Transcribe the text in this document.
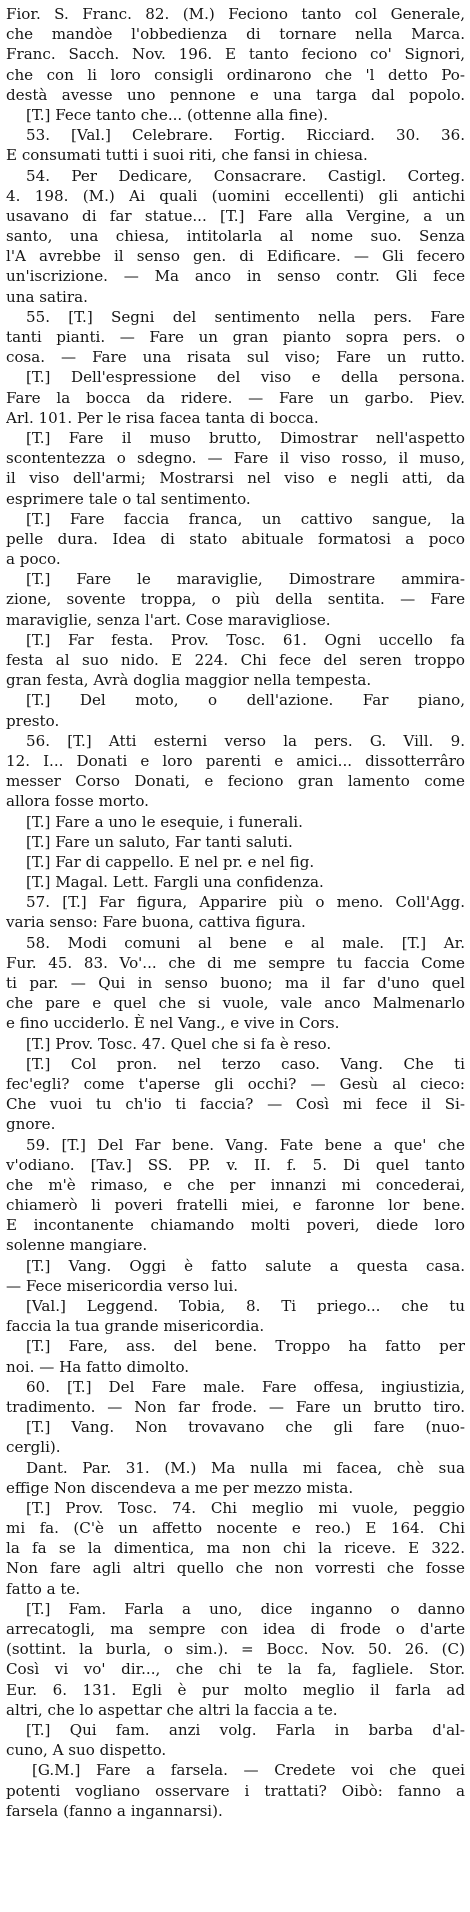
Fior. S. Franc. 82. (M.) Feciono tanto col Generale,
che mandòe l'obbedienza di tornare nella Marca.
Franc. Sacch. Nov. 196. E tanto feciono co' Signori,
che con li loro consigli ordinarono che 'l detto Po-
destà avesse uno pennone e una targa dal popolo.
[T.] Fece tanto che... (ottenne alla fine).
53. [Val.] Celebrare. Fortig. Ricciard. 30. 36.
E consumati tutti i suoi riti, che fansi in chiesa.
54. Per Dedicare, Consacrare. Castigl. Corteg.
4. 198. (M.) Ai quali (uomini eccellenti) gli antichi
usavano di far statue... [T.] Fare alla Vergine, a un
santo, una chiesa, intitolarla al nome suo. Senza
l'A avrebbe il senso gen. di Edificare. — Gli fecero
un'iscrizione. — Ma anco in senso contr. Gli fece
una satira.
55. [T.] Segni del sentimento nella pers. Fare
tanti pianti. — Fare un gran pianto sopra pers. o
cosa. — Fare una risata sul viso; Fare un rutto.
[T.] Dell'espressione del viso e della persona.
Fare la bocca da ridere. — Fare un garbo. Piev.
Arl. 101. Per le risa facea tanta di bocca.
[T.] Fare il muso brutto, Dimostrar nell'aspetto
scontentezza o sdegno. — Fare il viso rosso, il muso,
il viso dell'armi; Mostrarsi nel viso e negli atti, da
esprimere tale o tal sentimento.
[T.] Fare faccia franca, un cattivo sangue, la
pelle dura. Idea di stato abituale formatosi a poco
a poco.
[T.] Fare le maraviglie, Dimostrare ammira-
zione, sovente troppa, o più della sentita. — Fare
maraviglie, senza l'art. Cose maravigliose.
[T.] Far festa. Prov. Tosc. 61. Ogni uccello fa
festa al suo nido. E 224. Chi fece del seren troppo
gran festa, Avrà doglia maggior nella tempesta.
[T.] Del moto, o dell'azione. Far piano,
presto.
56. [T.] Atti esterni verso la pers. G. Vill. 9.
12. I... Donati e loro parenti e amici... dissotterrâro
messer Corso Donati, e feciono gran lamento come
allora fosse morto.
[T.] Fare a uno le esequie, i funerali.
[T.] Fare un saluto, Far tanti saluti.
[T.] Far di cappello. E nel pr. e nel fig.
[T.] Magal. Lett. Fargli una confidenza.
57. [T.] Far figura, Apparire più o meno. Coll'Agg.
varia senso: Fare buona, cattiva figura.
58. Modi comuni al bene e al male. [T.] Ar.
Fur. 45. 83. Vo'... che di me sempre tu faccia Come
ti par. — Qui in senso buono; ma il far d'uno quel
che pare e quel che si vuole, vale anco Malmenarlo
e fino ucciderlo. È nel Vang., e vive in Cors.
[T.] Prov. Tosc. 47. Quel che si fa è reso.
[T.] Col pron. nel terzo caso. Vang. Che ti
fec'egli? come t'aperse gli occhi? — Gesù al cieco:
Che vuoi tu ch'io ti faccia? — Così mi fece il Si-
gnore.
59. [T.] Del Far bene. Vang. Fate bene a que' che
v'odiano. [Tav.] SS. PP. v. II. f. 5. Di quel tanto
che m'è rimaso, e che per innanzi mi concederai,
chiamerò li poveri fratelli miei, e faronne lor bene.
E incontanente chiamando molti poveri, diede loro
solenne mangiare.
[T.] Vang. Oggi è fatto salute a questa casa.
— Fece misericordia verso lui.
[Val.] Leggend. Tobia, 8. Ti priego... che tu
faccia la tua grande misericordia.
[T.] Fare, ass. del bene. Troppo ha fatto per
noi. — Ha fatto dimolto.
60. [T.] Del Fare male. Fare offesa, ingiustizia,
tradimento. — Non far frode. — Fare un brutto tiro.
[T.] Vang. Non trovavano che gli fare (nuo-
cergli).
Dant. Par. 31. (M.) Ma nulla mi facea, chè sua
effige Non discendeva a me per mezzo mista.
[T.] Prov. Tosc. 74. Chi meglio mi vuole, peggio
mi fa. (C'è un affetto nocente e reo.) E 164. Chi
la fa se la dimentica, ma non chi la riceve. E 322.
Non fare agli altri quello che non vorresti che fosse
fatto a te.
[T.] Fam. Farla a uno, dice inganno o danno
arrecatogli, ma sempre con idea di frode o d'arte
(sottint. la burla, o sim.). = Bocc. Nov. 50. 26. (C)
Così vi vo' dir..., che chi te la fa, fagliele. Stor.
Eur. 6. 131. Egli è pur molto meglio il farla ad
altri, che lo aspettar che altri la faccia a te.
[T.] Qui fam. anzi volg. Farla in barba d'al-
cuno, A suo dispetto.
[G.M.] Fare a farsela. — Credete voi che quei
potenti vogliano osservare i trattati? Oibò: fanno a
farsela (fanno a ingannarsi).
